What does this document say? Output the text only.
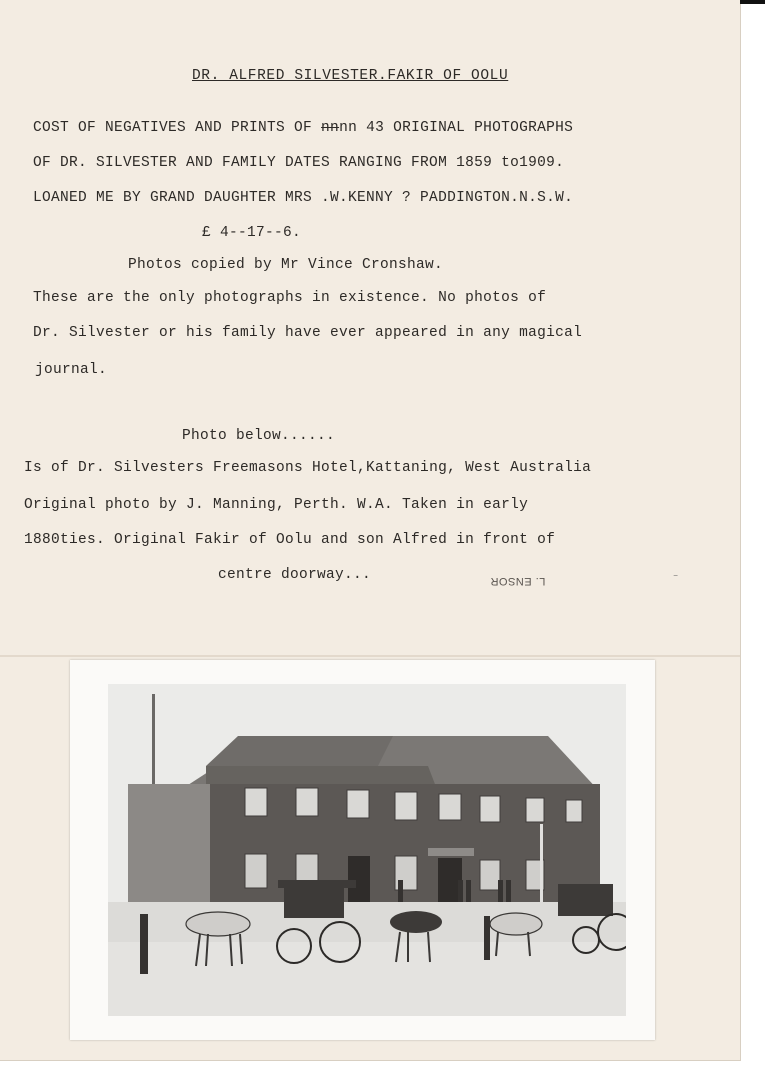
DR. ALFRED SILVESTER.FAKIR OF OOLU
COST OF NEGATIVES AND PRINTS OF nnnn 43 ORIGINAL PHOTOGRAPHS
OF DR. SILVESTER AND FAMILY DATES RANGING FROM 1859 to1909.
LOANED ME BY GRAND DAUGHTER MRS .W.KENNY ? PADDINGTON.N.S.W.
£ 4--17--6.
Photos copied by Mr Vince Cronshaw.
These are the only photographs in existence. No photos of
Dr. Silvester or his family have ever appeared in any magical
journal.
Photo below......
Is of Dr. Silvesters Freemasons Hotel,Kattaning, West Australia
Original photo by J. Manning, Perth. W.A. Taken in early
1880ties. Original Fakir of Oolu and son Alfred in front of
centre doorway...	L. ENSOR	⁻
